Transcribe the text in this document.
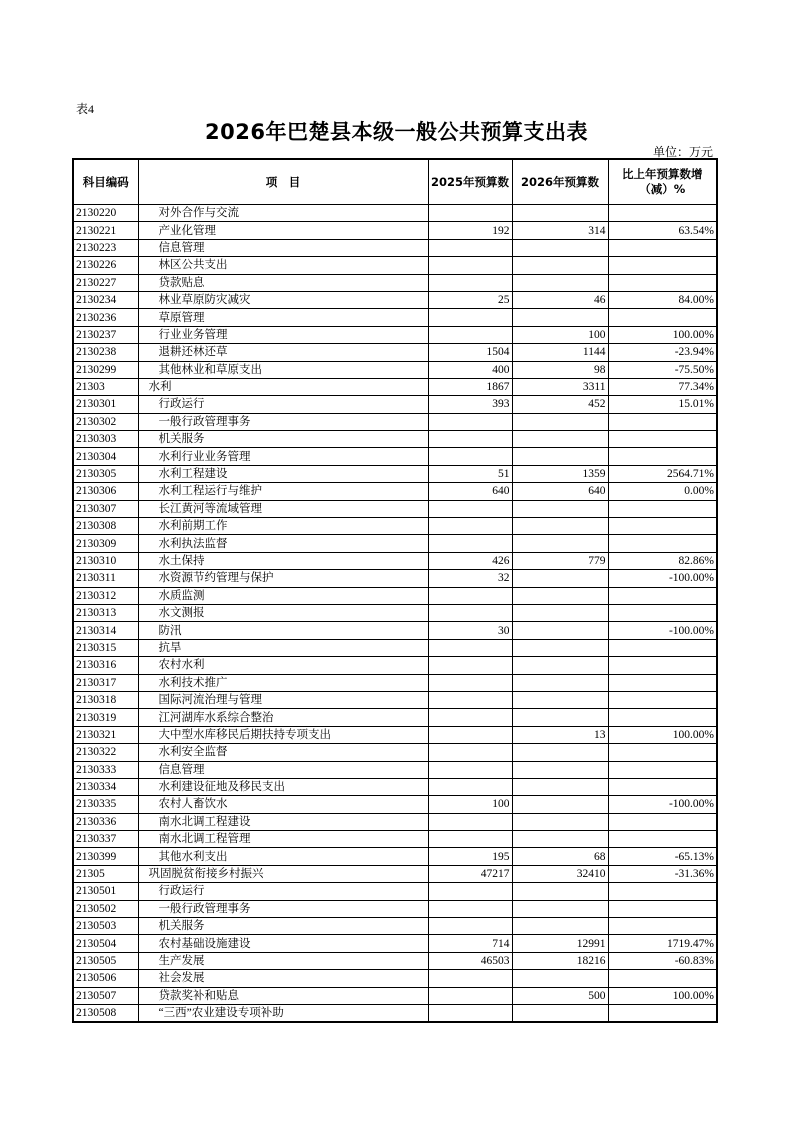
表4
2026年巴楚县本级一般公共预算支出表
单位：万元
科目编码	项　目	2025年预算数	2026年预算数	比上年预算数增（减）%
2130220	对外合作与交流			
2130221	产业化管理	192	314	63.54%
2130223	信息管理			
2130226	林区公共支出			
2130227	贷款贴息			
2130234	林业草原防灾减灾	25	46	84.00%
2130236	草原管理			
2130237	行业业务管理		100	100.00%
2130238	退耕还林还草	1504	1144	-23.94%
2130299	其他林业和草原支出	400	98	-75.50%
21303	水利	1867	3311	77.34%
2130301	行政运行	393	452	15.01%
2130302	一般行政管理事务			
2130303	机关服务			
2130304	水利行业业务管理			
2130305	水利工程建设	51	1359	2564.71%
2130306	水利工程运行与维护	640	640	0.00%
2130307	长江黄河等流域管理			
2130308	水利前期工作			
2130309	水利执法监督			
2130310	水土保持	426	779	82.86%
2130311	水资源节约管理与保护	32		-100.00%
2130312	水质监测			
2130313	水文测报			
2130314	防汛	30		-100.00%
2130315	抗旱			
2130316	农村水利			
2130317	水利技术推广			
2130318	国际河流治理与管理			
2130319	江河湖库水系综合整治			
2130321	大中型水库移民后期扶持专项支出		13	100.00%
2130322	水利安全监督			
2130333	信息管理			
2130334	水利建设征地及移民支出			
2130335	农村人畜饮水	100		-100.00%
2130336	南水北调工程建设			
2130337	南水北调工程管理			
2130399	其他水利支出	195	68	-65.13%
21305	巩固脱贫衔接乡村振兴	47217	32410	-31.36%
2130501	行政运行			
2130502	一般行政管理事务			
2130503	机关服务			
2130504	农村基础设施建设	714	12991	1719.47%
2130505	生产发展	46503	18216	-60.83%
2130506	社会发展			
2130507	贷款奖补和贴息		500	100.00%
2130508	“三西”农业建设专项补助			
